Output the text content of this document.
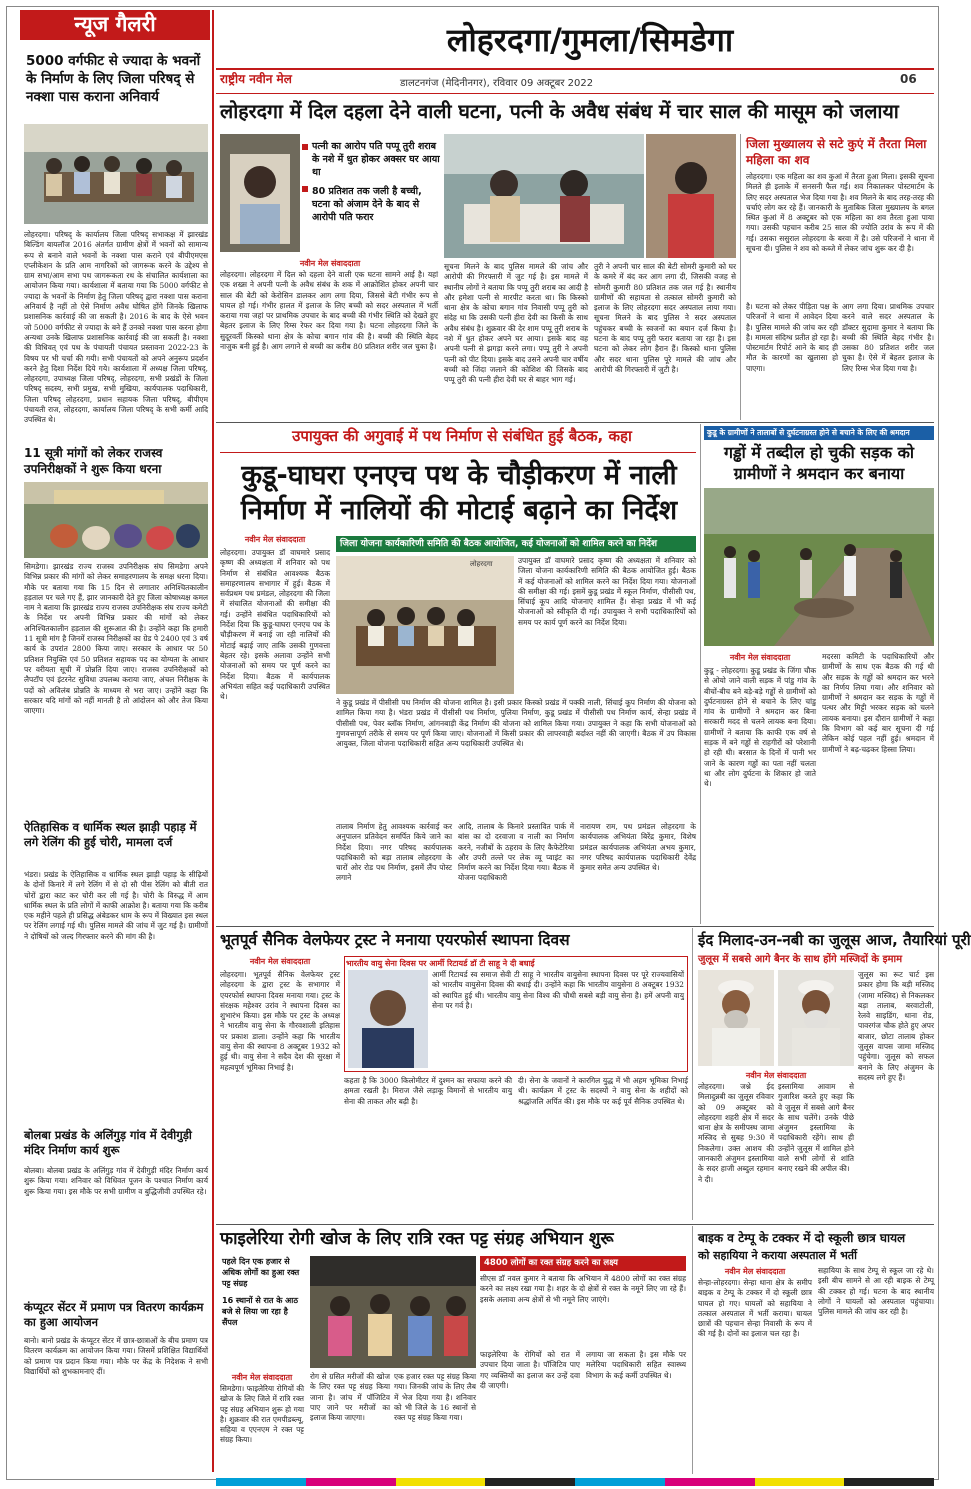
न्यूज गैलरी
5000 वर्गफीट से ज्यादा के भवनों के निर्माण के लिए जिला परिषद् से नक्शा पास कराना अनिवार्य
लोहरदगा। परिषद् के कार्यालय जिला परिषद् सभाकक्ष में झारखंड बिल्डिंग बायलॉज 2016 अंतर्गत ग्रामीण क्षेत्रों में भवनों को सामान्य रूप से बनाने वाले भवनों के नक्शा पास कराने एवं बीपीएमएस एप्लीकेशन के प्रति आम नागरिकों को जागरूक करने के उद्देश्य से ग्राम सभा/आम सभा पथ जागरूकता रथ के संचालित कार्यशाला का आयोजन किया गया। कार्यशाला में बताया गया कि 5000 वर्गफीट से ज्यादा के भवनों के निर्माण हेतु जिला परिषद् द्वारा नक्शा पास कराना अनिवार्य है नहीं तो ऐसे निर्माण अवैध घोषित होंगे जिनके खिलाफ प्रशासनिक कार्रवाई की जा सकती है। 2016 के बाद के ऐसे भवन जो 5000 वर्गफीट से ज्यादा के बने हैं उनको नक्शा पास करना होगा अन्यथा उनके खिलाफ प्रशासनिक कार्रवाई की जा सकती है। नक्शा की विधिवत् एवं पथ के पंचायती पंचायत प्रस्तावना 2022-23 के विषय पर भी चर्चा की गयी। सभी पंचायतों को अपने अनुरूप प्रदर्शन करने हेतु दिशा निर्देश दिये गये। कार्यशाला में अध्यक्ष जिला परिषद्, लोहरदगा, उपाध्यक्ष जिला परिषद्, लोहरदगा, सभी प्रखंडों के जिला परिषद् सदस्य, सभी प्रमुख, सभी मुखिया, कार्यपालक पदाधिकारी, जिला परिषद् लोहरदगा, प्रधान सहायक जिला परिषद्, बीपीएम पंचायती राज, लोहरदगा, कार्यालय जिला परिषद् के सभी कर्मी आदि उपस्थित थे।
11 सूत्री मांगों को लेकर राजस्व उपनिरीक्षकों ने शुरू किया धरना
सिमडेगा। झारखंड राज्य राजस्व उपनिरीक्षक संघ सिमडेगा अपने विभिन्न प्रकार की मांगों को लेकर समाहरणालय के समक्ष धरना दिया। मौके पर बताया गया कि 15 दिन से लगातार अनिश्चितकालीन हड़ताल पर चले गए हैं, झार जानकारी देते हुए जिला कोषाध्यक्ष कमल नाम ने बताया कि झारखंड राज्य राजस्व उपनिरीक्षक संघ राज्य कमेटी के निर्देश पर अपनी विभिन्न प्रकार की मांगों को लेकर अनिश्चितकालीन हड़ताल की शुरूआत की है। उन्होंने कहा कि हमारी 11 सूत्री मांग है जिनमें राजस्व निरीक्षकों का ग्रेड पे 2400 एवं 3 वर्ष कार्य के उपरांत 2800 किया जाए। सरकार के आधार पर 50 प्रतिशत नियुक्ति एवं 50 प्रतिशत सहायक पद का योग्यता के आधार पर वरीयता सूची में प्रोन्नति दिया जाए। राजस्व उपनिरीक्षकों को लैपटॉप एवं इंटरनेट सुविधा उपलब्ध कराया जाए, अंचल निरीक्षक के पदों को अविलंब प्रोन्नति के माध्यम से भरा जाए। उन्होंने कहा कि सरकार यदि मांगों को नहीं मानती है तो आंदोलन को और तेज किया जाएगा।
ऐतिहासिक व धार्मिक स्थल झाड़ी पहाड़ में लगे रेलिंग की हुई चोरी, मामला दर्ज
भंडरा। प्रखंड के ऐतिहासिक व धार्मिक स्थल झाड़ी पहाड़ के सीढ़ियों के दोनों किनारे में लगे रेलिंग में से दो सौ पीस रेलिंग को बीती रात चोरों द्वारा काट कर चोरी कर ली गई है। चोरी के विरुद्ध में आम धार्मिक स्थल के प्रति लोगों में काफी आक्रोश है। बताया गया कि करीब एक महीने पहले ही प्रसिद्ध अंबेडकर धाम के रूप में विख्यात इस स्थल पर रेलिंग लगाई गई थी। पुलिस मामले की जांच में जुट गई है। ग्रामीणों ने दोषियों को जल्द गिरफ्तार करने की मांग की है।
बोलबा प्रखंड के अलिंगुड़ गांव में देवीगुड़ी मंदिर निर्माण कार्य शुरू
बोलबा। बोलबा प्रखंड के अलिंगुड़ गांव में देवीगुड़ी मंदिर निर्माण कार्य शुरू किया गया। शनिवार को विधिवत पूजन के पश्चात निर्माण कार्य शुरू किया गया। इस मौके पर सभी ग्रामीण व बुद्धिजीवी उपस्थित रहे।
कंप्यूटर सेंटर में प्रमाण पत्र वितरण कार्यक्रम का हुआ आयोजन
बानो। बानो प्रखंड के कंप्यूटर सेंटर में छात्र-छात्राओं के बीच प्रमाण पत्र वितरण कार्यक्रम का आयोजन किया गया। जिसमें प्रशिक्षित विद्यार्थियों को प्रमाण पत्र प्रदान किया गया। मौके पर केंद्र के निदेशक ने सभी विद्यार्थियों को शुभकामनाएं दीं।
लोहरदगा/गुमला/सिमडेगा
राष्ट्रीय नवीन मेल	डालटनगंज (मेदिनीनगर), रविवार 09 अक्टूबर 2022	06
लोहरदगा में दिल दहला देने वाली घटना, पत्नी के अवैध संबंध में चार साल की मासूम को जलाया
पत्नी का आरोप पति पप्पू तुरी शराब के नशे में धुत होकर अक्सर घर आया था
80 प्रतिशत तक जली है बच्ची, घटना को अंजाम देने के बाद से आरोपी पति फरार
नवीन मेल संवाददाता
लोहरदगा। लोहरदगा में दिल को दहला देने वाली एक घटना सामने आई है। यहां एक शख्स ने अपनी पत्नी के अवैध संबंध के शक में आक्रोशित होकर अपनी चार साल की बेटी को केरोसिन डालकर आग लगा दिया, जिससे बेटी गंभीर रूप से घायल हो गई। गंभीर हालत में इलाज के लिए बच्ची को सदर अस्पताल में भर्ती कराया गया जहां पर प्राथमिक उपचार के बाद बच्ची की गंभीर स्थिति को देखते हुए बेहतर इलाज के लिए रिम्स रेफर कर दिया गया है। घटना लोहरदगा जिले के सुदूरवर्ती किस्को थाना क्षेत्र के कोचा बगान गांव की है। बच्ची की स्थिति बेहद नाजुक बनी हुई है। आग लगाने से बच्ची का करीब 80 प्रतिशत शरीर जल चुका है।
सूचना मिलने के बाद पुलिस मामले की जांच और आरोपी की गिरफ्तारी में जुट गई है। इस मामले में स्थानीय लोगों ने बताया कि पप्पू तुरी शराब का आदी है और हमेशा पत्नी से मारपीट करता था। कि किस्को थाना क्षेत्र के कोचा बगान गांव निवासी पप्पू तुरी को संदेह था कि उसकी पत्नी हीरा देवी का किसी के साथ अवैध संबंध है। शुक्रवार की देर शाम पप्पू तुरी शराब के नशे में धुत होकर अपने घर आया। इसके बाद वह अपनी पत्नी से झगड़ा करने लगा। पप्पू तुरी ने अपनी पत्नी को पीट दिया। इसके बाद उसने अपनी चार वर्षीय बच्ची को जिंदा जलाने की कोशिश की जिसके बाद पप्पू तुरी की पत्नी हीरा देवी घर से बाहर भाग गई।
तुरी ने अपनी चार साल की बेटी सोमरी कुमारी को घर के कमरे में बंद कर आग लगा दी, जिसकी वजह से सोमरी कुमारी 80 प्रतिशत तक जल गई है। स्थानीय ग्रामीणों की सहायता से तत्काल सोमरी कुमारी को इलाज के लिए लोहरदगा सदर अस्पताल लाया गया। सूचना मिलने के बाद पुलिस ने सदर अस्पताल पहुंचकर बच्ची के स्वजनों का बयान दर्ज किया है। घटना के बाद पप्पू तुरी फरार बताया जा रहा है। इस घटना को लेकर लोग हैरान हैं। किस्को थाना पुलिस और सदर थाना पुलिस पूरे मामले की जांच और आरोपी की गिरफ्तारी में जुटी है।
जिला मुख्यालय से सटे कुएं में तैरता मिला महिला का शव
लोहरदगा। एक महिला का शव कुआं में तैरता हुआ मिला। इसकी सूचना मिलते ही इलाके में सनसनी फैल गई। शव निकालकर पोस्टमार्टम के लिए सदर अस्पताल भेज दिया गया है। शव मिलने के बाद तरह-तरह की चर्चाएं लोग कर रहे हैं। जानकारी के मुताबिक जिला मुख्यालय के बगल स्थित कुआं में 8 अक्टूबर को एक महिला का शव तैरता हुआ पाया गया। उसकी पहचान करीब 25 साल की ज्योति उरांव के रूप में की गई। उसका ससुराल लोहरदगा के बरवा में है। उसे परिजनों ने थाना में सूचना दी। पुलिस ने शव को कब्जे में लेकर जांच शुरू कर दी है।
है। घटना को लेकर पीड़िता पक्ष के परिजनों ने थाना में आवेदन दिया है। पुलिस मामले की जांच कर रही है। मामला संदिग्ध प्रतीत हो रहा है। पोस्टमार्टम रिपोर्ट आने के बाद ही मौत के कारणों का खुलासा हो पाएगा।
आग लगा दिया। प्राथमिक उपचार करने वाले सदर अस्पताल के डॉक्टर सुदामा कुमार ने बताया कि बच्ची की स्थिति बेहद गंभीर है। उसका 80 प्रतिशत शरीर जल चुका है। ऐसे में बेहतर इलाज के लिए रिम्स भेज दिया गया है।
उपायुक्त की अगुवाई में पथ निर्माण से संबंधित हुई बैठक, कहा
कुडू-घाघरा एनएच पथ के चौड़ीकरण में नाली निर्माण में नालियों की मोटाई बढ़ाने का निर्देश
नवीन मेल संवाददाता
लोहरदगा। उपायुक्त डॉ वाघमारे प्रसाद कृष्ण की अध्यक्षता में शनिवार को पथ निर्माण से संबंधित आवश्यक बैठक समाहरणालय सभागार में हुई। बैठक में सर्वप्रथम पथ प्रमंडल, लोहरदगा की जिला में संचालित योजनाओं की समीक्षा की गई। उन्होंने संबंधित पदाधिकारियों को निर्देश दिया कि कुडू-घाघरा एनएच पथ के चौड़ीकरण में बनाई जा रही नालियों की मोटाई बढ़ाई जाए ताकि उसकी गुणवत्ता बेहतर रहे। इसके अलावा उन्होंने सभी योजनाओं को समय पर पूर्ण करने का निर्देश दिया। बैठक में कार्यपालक अभियंता सहित कई पदाधिकारी उपस्थित थे।
जिला योजना कार्यकारिणी समिति की बैठक आयोजित, कई योजनाओं को शामिल करने का निर्देश
लोहरदगा	उपायुक्त डॉ वाघमारे प्रसाद कृष्ण की अध्यक्षता में शनिवार को जिला योजना कार्यकारिणी समिति की बैठक आयोजित हुई। बैठक में कई योजनाओं को शामिल करने का निर्देश दिया गया। योजनाओं की समीक्षा की गई। इसमें कुडू प्रखंड में स्कूल निर्माण, पीसीसी पथ, सिंचाई कूप आदि योजनाएं शामिल हैं। सेन्हा प्रखंड में भी कई योजनाओं को स्वीकृति दी गई। उपायुक्त ने सभी पदाधिकारियों को समय पर कार्य पूर्ण करने का निर्देश दिया।
ने कुडू प्रखंड में पीसीसी पथ निर्माण की योजना शामिल है। इसी प्रकार किस्को प्रखंड में पक्की नाली, सिंचाई कूप निर्माण की योजना को शामिल किया गया है। भंडरा प्रखंड में पीसीसी पथ निर्माण, पुलिया निर्माण, कुडू प्रखंड में पीसीसी पथ निर्माण कार्य, सेन्हा प्रखंड में पीसीसी पथ, पेवर ब्लॉक निर्माण, आंगनबाड़ी केंद्र निर्माण की योजना को शामिल किया गया। उपायुक्त ने कहा कि सभी योजनाओं को गुणवत्तापूर्ण तरीके से समय पर पूर्ण किया जाए। योजनाओं में किसी प्रकार की लापरवाही बर्दाश्त नहीं की जाएगी। बैठक में उप विकास आयुक्त, जिला योजना पदाधिकारी सहित अन्य पदाधिकारी उपस्थित थे।
तालाब निर्माण हेतु आवश्यक कार्रवाई कर अनुपालन प्रतिवेदन समर्पित किये जाने का निर्देश दिया। नगर परिषद कार्यपालक पदाधिकारी को बड़ा तालाब लोहरदगा के चारों ओर रोड पथ निर्माण, इसमें लैंप पोस्ट लगाने
आदि, तालाब के किनारे प्रस्तावित पार्क में बांस का दो दरवाजा व नाली का निर्माण करने, नजीबों के ठहराव के लिए कैफेटेरिया और उपरी तल्ले पर लेक व्यू प्वाइंट का निर्माण करने का निर्देश दिया गया। बैठक में योजना पदाधिकारी
नारायण राम, पथ प्रमंडल लोहरदगा के कार्यपालक अभियंता बिरेंद्र कुमार, विशेष प्रमंडल कार्यपालक अभियंता अभय कुमार, नगर परिषद कार्यपालक पदाधिकारी देवेंद्र कुमार समेत अन्य उपस्थित थे।
कुडू के ग्रामीणों ने तालाबों से दुर्घटनाग्रस्त होने से बचाने के लिए की श्रमदान
गड्ढों में तब्दील हो चुकी सड़क को ग्रामीणों ने श्रमदान कर बनाया
नवीन मेल संवाददाता
कुडू - लोहरदगा। कुडू प्रखंड के जिंगा चौक से ओयो जाने वाली सड़क में पांडु गांव के बीचों-बीच बने बड़े-बड़े गड्ढों से ग्रामीणों को दुर्घटनाग्रस्त होने से बचाने के लिए चांडु गांव के ग्रामीणों ने श्रमदान कर बिना सरकारी मदद से चलने लायक बना दिया। ग्रामीणों ने बताया कि काफी एक वर्ष से सड़क में बने गड्ढों से राहगीरों को परेशानी हो रही थी। बरसात के दिनों में पानी भर जाने के कारण गड्ढों का पता नहीं चलता था और लोग दुर्घटना के शिकार हो जाते थे।
मदरसा कमिटी के पदाधिकारियों और ग्रामीणों के साथ एक बैठक की गई थी और सड़क के गड्ढों को श्रमदान कर भरने का निर्णय लिया गया। और शनिवार को ग्रामीणों ने श्रमदान कर सड़क के गड्ढों में पत्थर और मिट्टी भरकर सड़क को चलने लायक बनाया। इस दौरान ग्रामीणों ने कहा कि विभाग को कई बार सूचना दी गई लेकिन कोई पहल नहीं हुई। श्रमदान में ग्रामीणों ने बढ़-चढ़कर हिस्सा लिया।
भूतपूर्व सैनिक वेलफेयर ट्रस्ट ने मनाया एयरफोर्स स्थापना दिवस
नवीन मेल संवाददाता
लोहरदगा। भूतपूर्व सैनिक वेलफेयर ट्रस्ट लोहरदगा के द्वारा ट्रस्ट के सभागार में एयरफोर्स स्थापना दिवस मनाया गया। ट्रस्ट के संरक्षक महेश्वर उरांव ने स्थापना दिवस का शुभारंभ किया। इस मौके पर ट्रस्ट के अध्यक्ष ने भारतीय वायु सेना के गौरवशाली इतिहास पर प्रकाश डाला। उन्होंने कहा कि भारतीय वायु सेना की स्थापना 8 अक्टूबर 1932 को हुई थी। वायु सेना ने सदैव देश की सुरक्षा में महत्वपूर्ण भूमिका निभाई है।
भारतीय वायु सेना दिवस पर आर्मी रिटायर्ड डॉ टी साहू ने दी बधाई
आर्मी रिटायर्ड स्व समाज सेवी टी साहू ने भारतीय वायुसेना स्थापना दिवस पर पूरे राज्यवासियों को भारतीय वायुसेना दिवस की बधाई दी। उन्होंने कहा कि भारतीय वायुसेना 8 अक्टूबर 1932 को स्थापित हुई थी। भारतीय वायु सेना विश्व की चौथी सबसे बड़ी वायु सेना है। हमें अपनी वायु सेना पर गर्व है।
कहता है कि 3000 किलोमीटर में दुश्मन का सफाया करने की क्षमता रखती है। मिराज जैसे लड़ाकू विमानों से भारतीय वायु सेना की ताकत और बढ़ी है।
दी। सेना के जवानों ने कारगिल युद्ध में भी अहम भूमिका निभाई थी। कार्यक्रम में ट्रस्ट के सदस्यों ने वायु सेना के शहीदों को श्रद्धांजलि अर्पित की। इस मौके पर कई पूर्व सैनिक उपस्थित थे।
ईद मिलाद-उन-नबी का जुलूस आज, तैयारियां पूरी
जुलूस में सबसे आगे बैनर के साथ होंगे मस्जिदों के इमाम
नवीन मेल संवाददाता
लोहरदगा। जश्ने ईद मिलादुन्नबी का जुलूस रविवार को 09 अक्टूबर को लोहरदगा शहरी क्षेत्र में सदर थाना क्षेत्र के समीपस्थ जामा मस्जिद से सुबह 9:30 में निकलेगा। उक्त आशय की जानकारी अंजुमन इस्लामिया के सदर हाजी अब्दुल रहमान ने दी।
इस्लामिया आवाम से गुजारिश करते हुए कहा कि वे जुलूस में सबसे आगे बैनर के साथ चलेंगे। उनके पीछे अंजुमन इस्लामिया के पदाधिकारी रहेंगे। साथ ही उन्होंने जुलूस में शामिल होने वाले सभी लोगों से शांति बनाए रखने की अपील की।
जुलूस का रूट चार्ट इस प्रकार होगा कि बड़ी मस्जिद (जामा मस्जिद) से निकलकर बड़ा तालाब, बरवाटोली, रेलवे साइडिंग, थाना रोड, पावरगंज चौक होते हुए अपर बाजार, छोटा तालाब होकर जुलूस वापस जामा मस्जिद पहुंचेगा। जुलूस को सफल बनाने के लिए अंजुमन के सदस्य लगे हुए हैं।
फाइलेरिया रोगी खोज के लिए रात्रि रक्त पट्ट संग्रह अभियान शुरू
पहले दिन एक हजार से अधिक लोगों का हुआ रक्त पट्ट संग्रह
16 स्थानों से रात के आठ बजे से लिया जा रहा है सैंपल
नवीन मेल संवाददाता
सिमडेगा। फाइलेरिया रोगियों की खोज के लिए जिले में रात्रि रक्त पट्ट संग्रह अभियान शुरू हो गया है। शुक्रवार की रात एमपीडब्ल्यू, सहिया व एएनएम ने रक्त पट्ट संग्रह किया।
रोग से ग्रसित मरीजों की खोज के लिए रक्त पट्ट संग्रह किया जाना है। जांच में पॉजिटिव पाए जाने पर मरीजों का इलाज किया जाएगा।
एक हजार रक्त पट्ट संग्रह किया गया। जिनकी जांच के लिए लैब में भेज दिया गया है। शनिवार को भी जिले के 16 स्थानों से रक्त पट्ट संग्रह किया गया।
4800 लोगों का रक्त संग्रह करने का लक्ष्य
सीएस डॉ नवल कुमार ने बताया कि अभियान में 4800 लोगों का रक्त संग्रह करने का लक्ष्य रखा गया है। शहर के दो क्षेत्रों से रक्त के नमूने लिए जा रहे हैं। इसके अलावा अन्य क्षेत्रों से भी नमूने लिए जाएंगे।
फाइलेरिया के रोगियों को रात में उपचार दिया जाता है। पॉजिटिव पाए गए व्यक्तियों का इलाज कर उन्हें दवा दी जाएगी।
लगाया जा सकता है। इस मौके पर मलेरिया पदाधिकारी सहित स्वास्थ्य विभाग के कई कर्मी उपस्थित थे।
बाइक व टेम्पू के टक्कर में दो स्कूली छात्र घायल
को सहायिया ने कराया अस्पताल में भर्ती
नवीन मेल संवाददाता
सेन्हा-लोहरदगा। सेन्हा थाना क्षेत्र के समीप बाइक व टेम्पू के टक्कर में दो स्कूली छात्र घायल हो गए। घायलों को सहायिया ने तत्काल अस्पताल में भर्ती कराया। घायल छात्रों की पहचान सेन्हा निवासी के रूप में की गई है। दोनों का इलाज चल रहा है।
सहायिया के साथ टेम्पू से स्कूल जा रहे थे। इसी बीच सामने से आ रही बाइक से टेम्पू की टक्कर हो गई। घटना के बाद स्थानीय लोगों ने घायलों को अस्पताल पहुंचाया। पुलिस मामले की जांच कर रही है।
